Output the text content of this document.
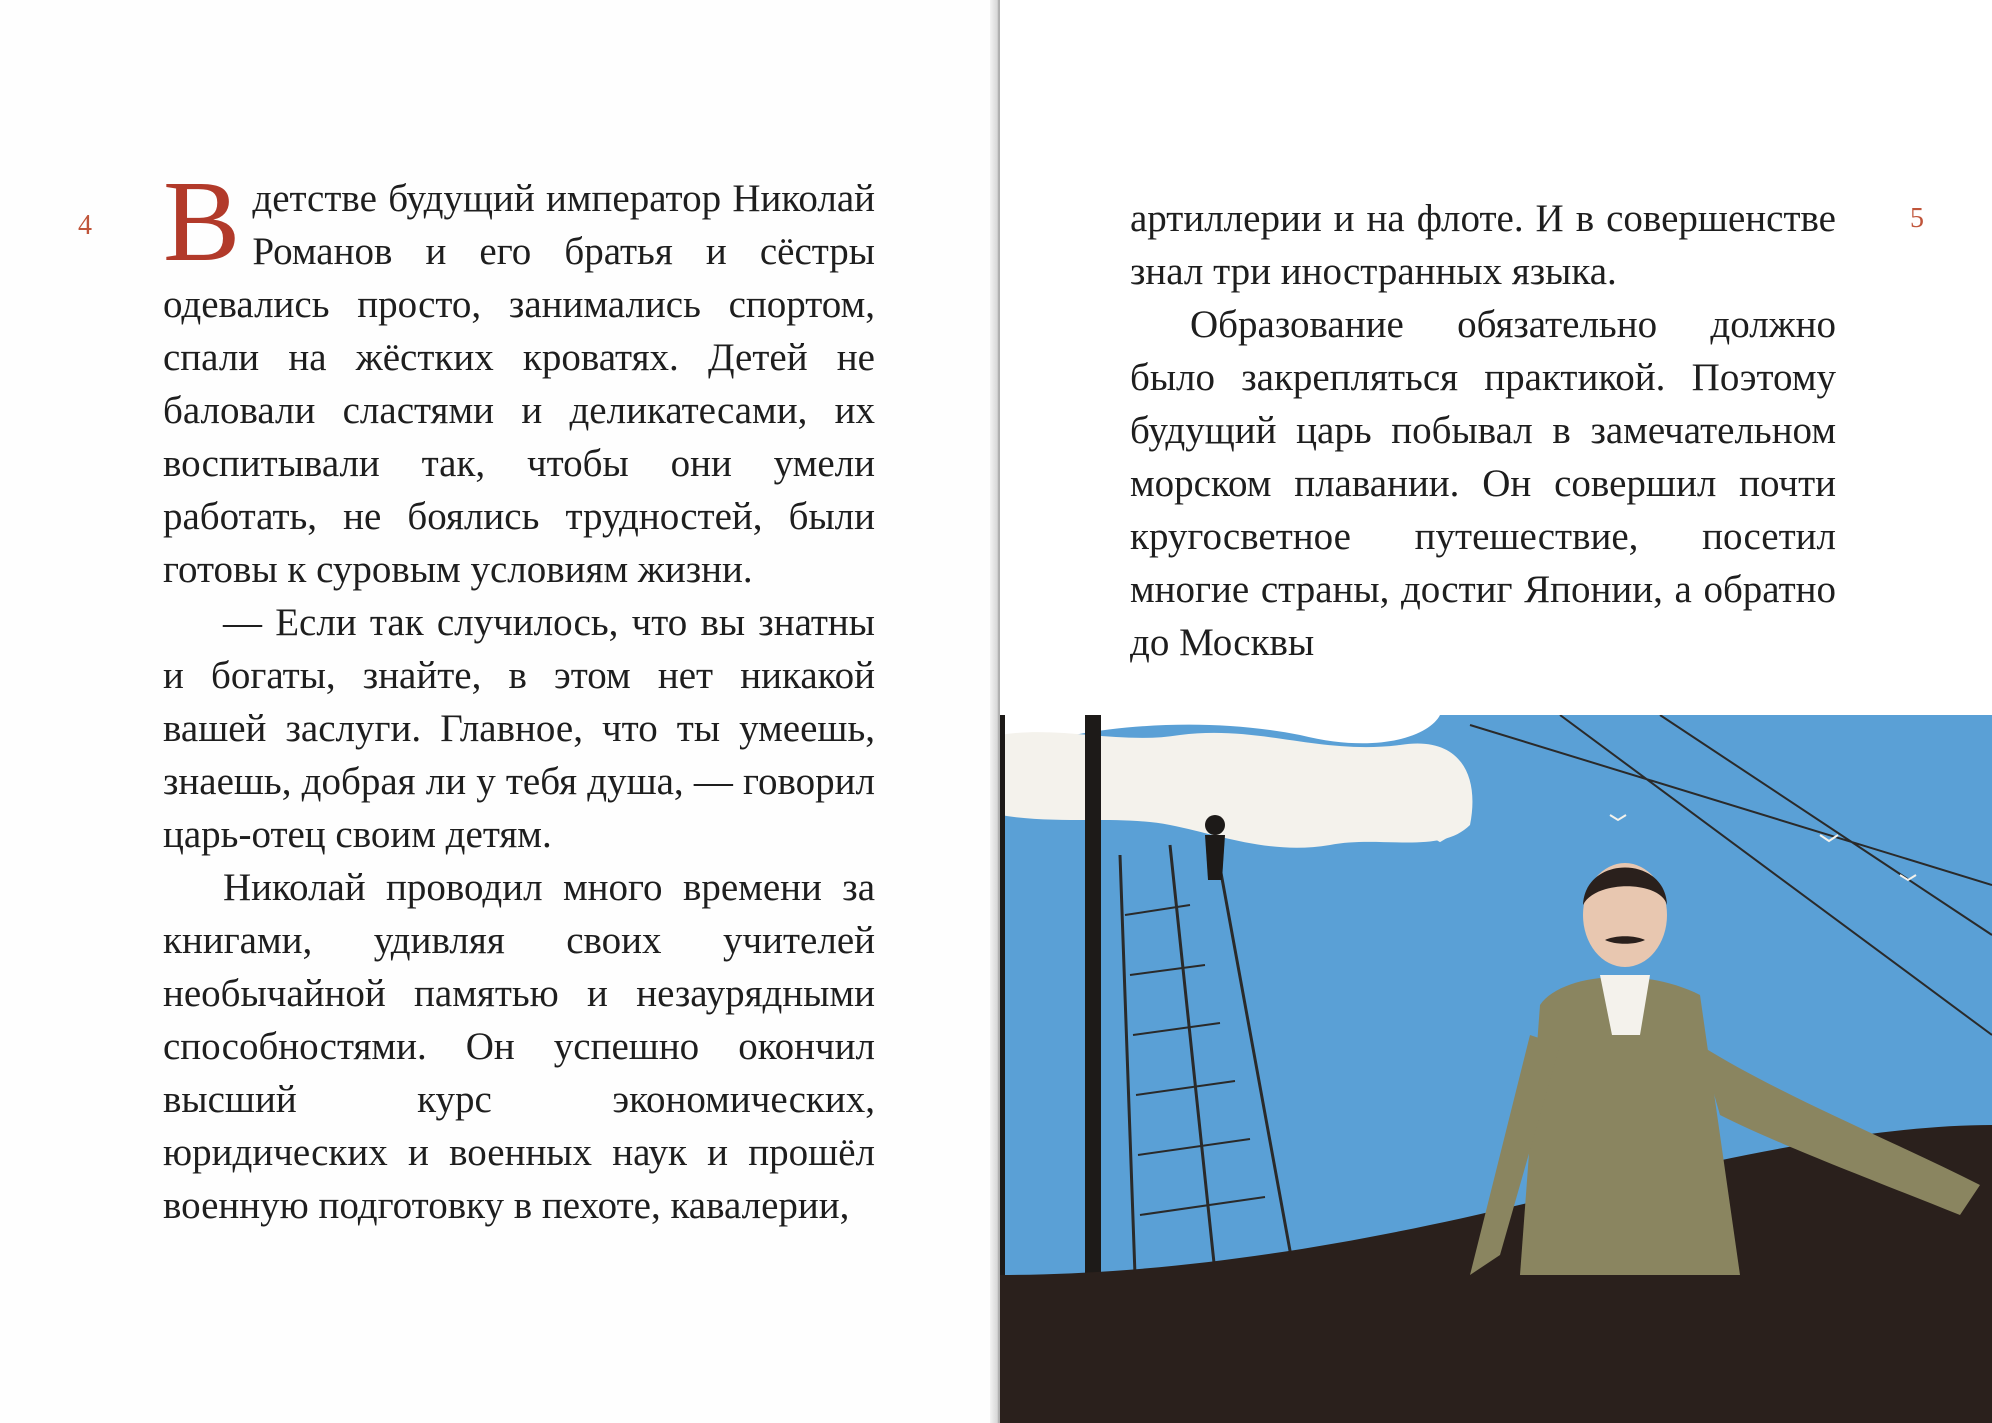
4 В детстве будущий император Николай Романов и его братья и сёстры одевались просто, занимались спортом, спали на жёстких кроватях. Детей не баловали сластями и деликатесами, их воспитывали так, чтобы они умели работать, не боялись трудностей, были готовы к суровым условиям жизни.

— Если так случилось, что вы знатны и богаты, знайте, в этом нет никакой вашей заслуги. Главное, что ты умеешь, знаешь, добрая ли у тебя душа, — говорил царь-отец своим детям.

Николай проводил много времени за книгами, удивляя своих учителей необычайной памятью и незаурядными способностями. Он успешно окончил высший курс экономических, юридических и военных наук и прошёл военную подготовку в пехоте, кавалерии,

5

артиллерии и на флоте. И в совершенстве знал три иностранных языка.

Образование обязательно должно было закрепляться практикой. Поэтому будущий царь побывал в замечательном морском плавании. Он совершил почти кругосветное путешествие, посетил многие страны, достиг Японии, а обратно до Москвы
